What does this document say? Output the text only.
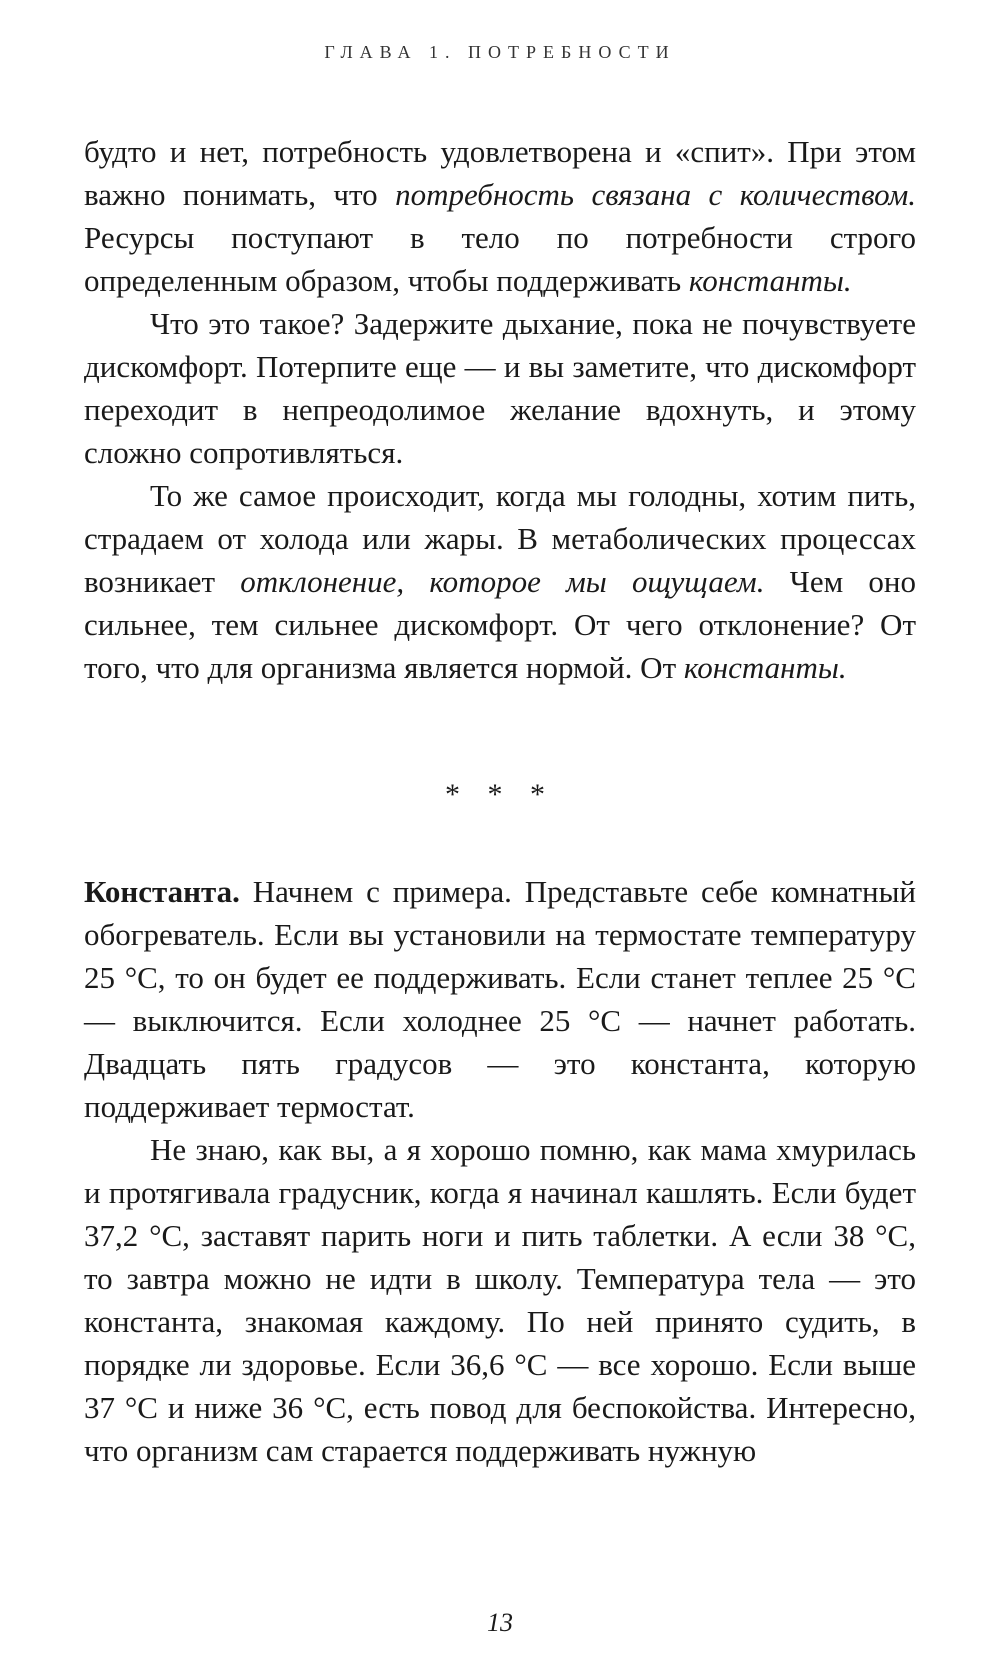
ГЛАВА 1. ПОТРЕБНОСТИ

будто и нет, потребность удовлетворена и «спит». При этом важно понимать, что потребность связана с количеством. Ресурсы поступают в тело по потребности строго определенным образом, чтобы поддерживать константы.

Что это такое? Задержите дыхание, пока не почувствуете дискомфорт. Потерпите еще — и вы заметите, что дискомфорт переходит в непреодолимое желание вдохнуть, и этому сложно сопротивляться.

То же самое происходит, когда мы голодны, хотим пить, страдаем от холода или жары. В метаболических процессах возникает отклонение, которое мы ощущаем. Чем оно сильнее, тем сильнее дискомфорт. От чего отклонение? От того, что для организма является нормой. От константы.

* * *

Константа. Начнем с примера. Представьте себе комнатный обогреватель. Если вы установили на термостате температуру 25 °С, то он будет ее поддерживать. Если станет теплее 25 °С — выключится. Если холоднее 25 °С — начнет работать. Двадцать пять градусов — это константа, которую поддерживает термостат.

Не знаю, как вы, а я хорошо помню, как мама хмурилась и протягивала градусник, когда я начинал кашлять. Если будет 37,2 °С, заставят парить ноги и пить таблетки. А если 38 °С, то завтра можно не идти в школу. Температура тела — это константа, знакомая каждому. По ней принято судить, в порядке ли здоровье. Если 36,6 °С — все хорошо. Если выше 37 °С и ниже 36 °С, есть повод для беспокойства. Интересно, что организм сам старается поддерживать нужную

13
